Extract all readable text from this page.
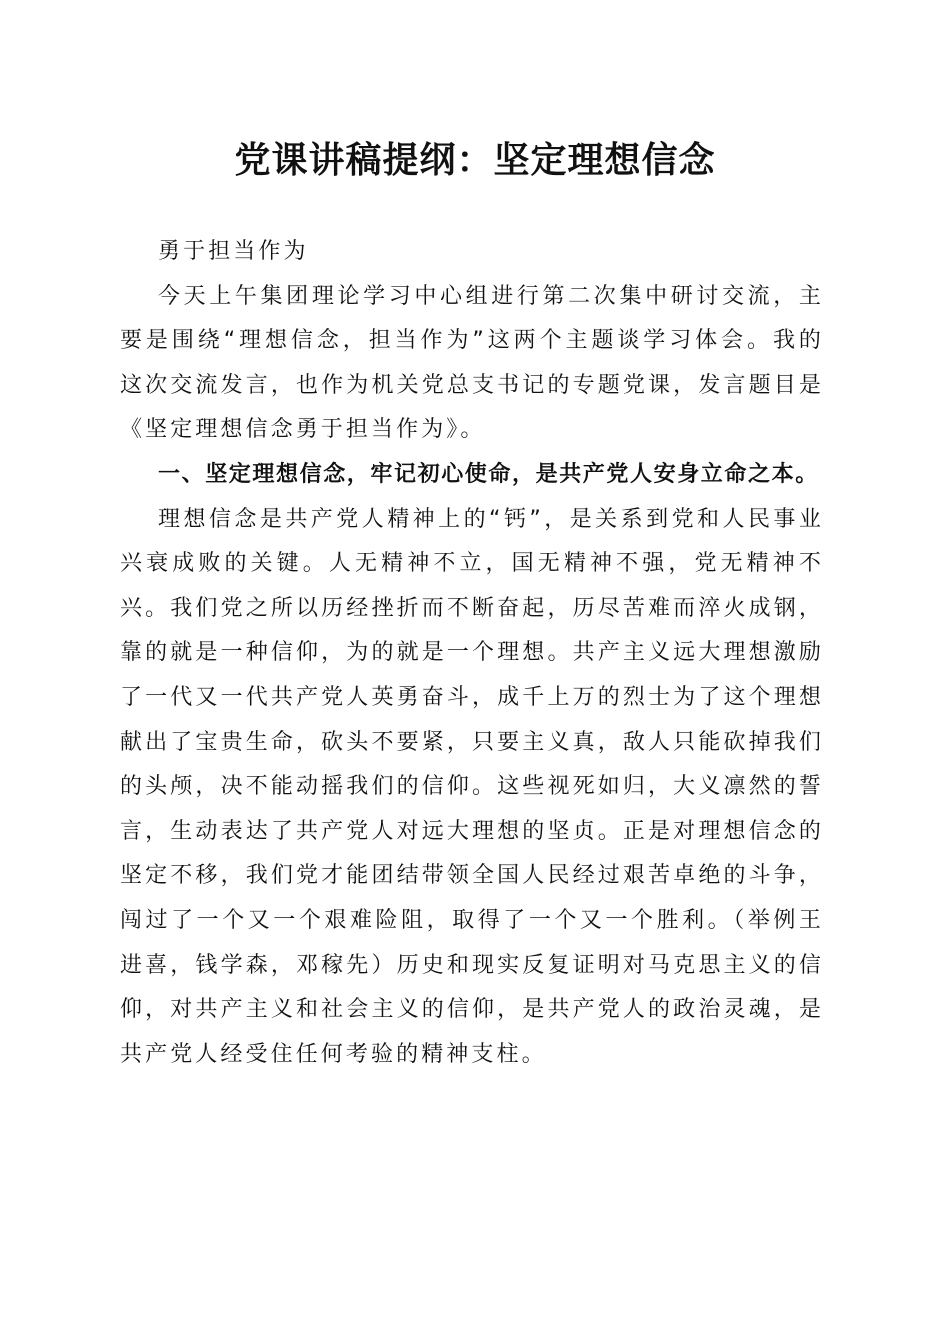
党课讲稿提纲：坚定理想信念

勇于担当作为

今天上午集团理论学习中心组进行第二次集中研讨交流，主要是围绕“理想信念，担当作为”这两个主题谈学习体会。我的这次交流发言，也作为机关党总支书记的专题党课，发言题目是《坚定理想信念勇于担当作为》。

一、坚定理想信念，牢记初心使命，是共产党人安身立命之本。

理想信念是共产党人精神上的“钙”，是关系到党和人民事业兴衰成败的关键。人无精神不立，国无精神不强，党无精神不兴。我们党之所以历经挫折而不断奋起，历尽苦难而淬火成钢，靠的就是一种信仰，为的就是一个理想。共产主义远大理想激励了一代又一代共产党人英勇奋斗，成千上万的烈士为了这个理想献出了宝贵生命，砍头不要紧，只要主义真，敌人只能砍掉我们的头颅，决不能动摇我们的信仰。这些视死如归，大义凛然的誓言，生动表达了共产党人对远大理想的坚贞。正是对理想信念的坚定不移，我们党才能团结带领全国人民经过艰苦卓绝的斗争，闯过了一个又一个艰难险阻，取得了一个又一个胜利。（举例王进喜，钱学森，邓稼先）历史和现实反复证明对马克思主义的信仰，对共产主义和社会主义的信仰，是共产党人的政治灵魂，是共产党人经受住任何考验的精神支柱。
